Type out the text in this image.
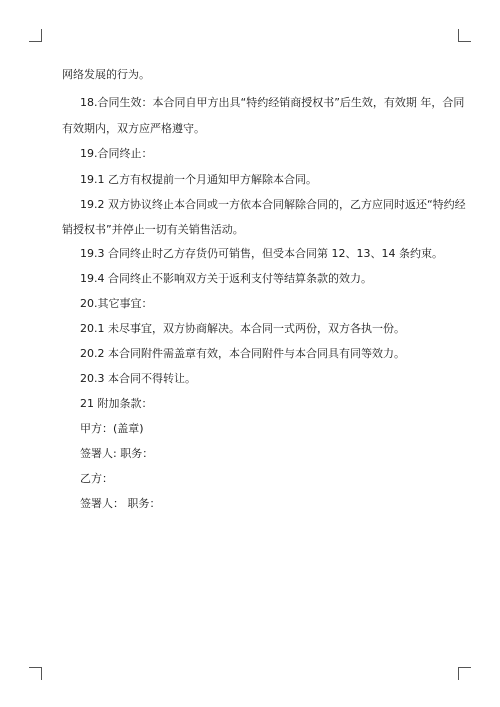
网络发展的行为。
18.合同生效：本合同自甲方出具“特约经销商授权书”后生效，有效期 年，合同
有效期内，双方应严格遵守。
19.合同终止：
19.1 乙方有权提前一个月通知甲方解除本合同。
19.2 双方协议终止本合同或一方依本合同解除合同的，乙方应同时返还“特约经
销授权书”并停止一切有关销售活动。
19.3 合同终止时乙方存货仍可销售，但受本合同第 12、13、14 条约束。
19.4 合同终止不影响双方关于返利支付等结算条款的效力。
20.其它事宜：
20.1 未尽事宜，双方协商解决。本合同一式两份，双方各执一份。
20.2 本合同附件需盖章有效，本合同附件与本合同具有同等效力。
20.3 本合同不得转让。
21 附加条款：
甲方：(盖章)
签署人: 职务：
乙方：
签署人： 职务：
